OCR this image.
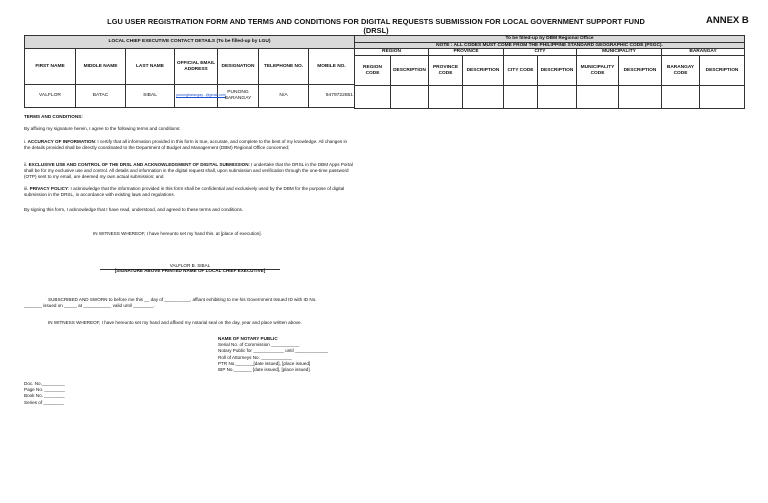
LGU USER REGISTRATION FORM AND TERMS AND CONDITIONS FOR DIGITAL REQUESTS SUBMISSION FOR LOCAL GOVERNMENT SUPPORT FUND (DRSL)
ANNEX B
LOCAL CHIEF EXECUTIVE CONTACT DETAILS (To be filled-up by LGU)						
FIRST NAME	MIDDLE NAME	LAST NAME	OFFICIAL EMAIL ADDRESS	DESIGNATION	TELEPHONE NO.	MOBILE NO.
VALFLOR	BATAC	SIBAL	punongbarangay...@gmail.com	PUNONG BARANGAY	N/A	9479722851
To be filled-up by DBM Regional Office									
NOTE : ALL CODES MUST COME FROM THE PHILIPPINE STANDARD GEOGRAPHIC CODE (PSGC).									
REGION		PROVINCE		CITY		MUNICIPALITY		BARANGAY	
REGION CODE	DESCRIPTION	PROVINCE CODE	DESCRIPTION	CITY CODE	DESCRIPTION	MUNICIPALITY CODE	DESCRIPTION	BARANGAY CODE	DESCRIPTION

TERMS AND CONDITIONS:
By affixing my signature herein, I agree to the following terms and conditions:
i. ACCURACY OF INFORMATION: I certify that all information provided in this form is true, accurate, and complete to the best of my knowledge. All changes in the details provided shall be directly coordinated to the Department of Budget and Management (DBM) Regional Office concerned;
ii. EXCLUSIVE USE AND CONTROL OF THE DRSL AND ACKNOWLEDGMENT OF DIGITAL SUBMISSION: I undertake that the DRSL in the DBM Apps Portal shall be for my exclusive use and control. All details and information in the digital request shall, upon submission and verification through the one-time password (OTP) sent to my email, are deemed my own actual submission; and
iii. PRIVACY POLICY: I acknowledge that the information provided in this form shall be confidential and exclusively used by the DBM for the purpose of digital submission in the DRSL, in accordance with existing laws and regulations.
By signing this form, I acknowledge that I have read, understood, and agreed to these terms and conditions.
IN WITNESS WHEREOF, I have hereunto set my hand this. at [place of execution].
VALFLOR B. SIBAL
[SIGNATURE ABOVE PRINTED NAME OF LOCAL CHIEF EXECUTIVE]
SUBSCRIBED AND SWORN to before me this __ day of __________, affiant exhibiting to me his Government Issued ID with ID No.
_______ issued on _____ at ___________ valid until ________.
IN WITNESS WHEREOF, I have hereunto set my hand and affixed my notarial seal on the day, year and place written above.
NAME OF NOTARY PUBLIC
Serial No. of Commission ___________
Notary Public for ____________ until _____________
Roll of Attorneys No. ____________
PTR No._______[date issued], [place issued]
IBP No._______ [date issued], [place issued]
Doc. No._________
Page No. ________
Book No. ________
Series of ________
